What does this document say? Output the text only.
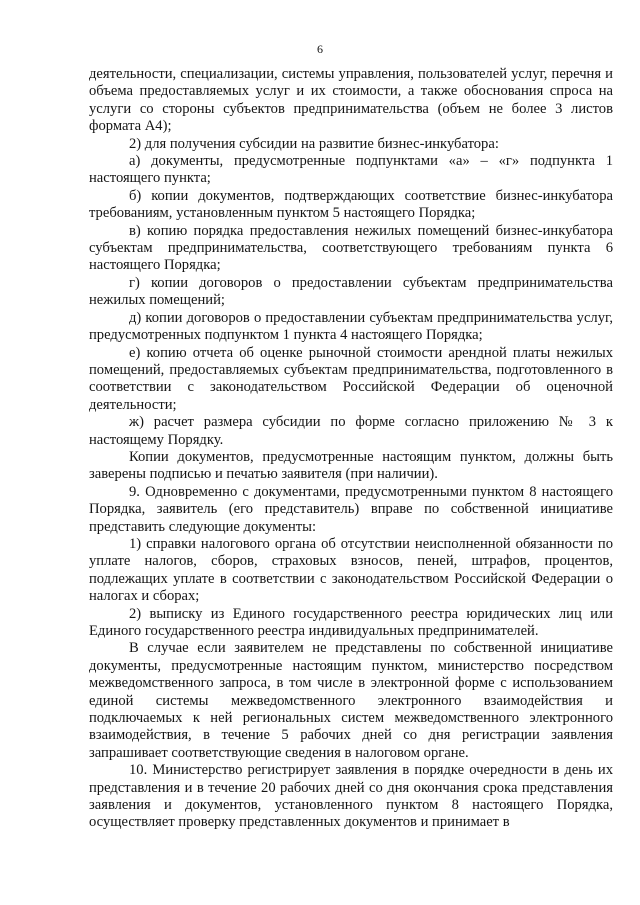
6

деятельности, специализации, системы управления, пользователей услуг, перечня и объема предоставляемых услуг и их стоимости, а также обоснования спроса на услуги со стороны субъектов предпринимательства (объем не более 3 листов формата А4);

2) для получения субсидии на развитие бизнес-инкубатора:

а) документы, предусмотренные подпунктами «а» – «г» подпункта 1 настоящего пункта;

б) копии документов, подтверждающих соответствие бизнес-инкубатора требованиям, установленным пунктом 5 настоящего Порядка;

в) копию порядка предоставления нежилых помещений бизнес-инкубатора субъектам предпринимательства, соответствующего требованиям пункта 6 настоящего Порядка;

г) копии договоров о предоставлении субъектам предпринимательства нежилых помещений;

д) копии договоров о предоставлении субъектам предпринимательства услуг, предусмотренных подпунктом 1 пункта 4 настоящего Порядка;

е) копию отчета об оценке рыночной стоимости арендной платы нежилых помещений, предоставляемых субъектам предпринимательства, подготовленного в соответствии с законодательством Российской Федерации об оценочной деятельности;

ж) расчет размера субсидии по форме согласно приложению № 3 к настоящему Порядку.

Копии документов, предусмотренные настоящим пунктом, должны быть заверены подписью и печатью заявителя (при наличии).

9. Одновременно с документами, предусмотренными пунктом 8 настоящего Порядка, заявитель (его представитель) вправе по собственной инициативе представить следующие документы:

1) справки налогового органа об отсутствии неисполненной обязанности по уплате налогов, сборов, страховых взносов, пеней, штрафов, процентов, подлежащих уплате в соответствии с законодательством Российской Федерации о налогах и сборах;

2) выписку из Единого государственного реестра юридических лиц или Единого государственного реестра индивидуальных предпринимателей.

В случае если заявителем не представлены по собственной инициативе документы, предусмотренные настоящим пунктом, министерство посредством межведомственного запроса, в том числе в электронной форме с использованием единой системы межведомственного электронного взаимодействия и подключаемых к ней региональных систем межведомственного электронного взаимодействия, в течение 5 рабочих дней со дня регистрации заявления запрашивает соответствующие сведения в налоговом органе.

10. Министерство регистрирует заявления в порядке очередности в день их представления и в течение 20 рабочих дней со дня окончания срока представления заявления и документов, установленного пунктом 8 настоящего Порядка, осуществляет проверку представленных документов и принимает в
